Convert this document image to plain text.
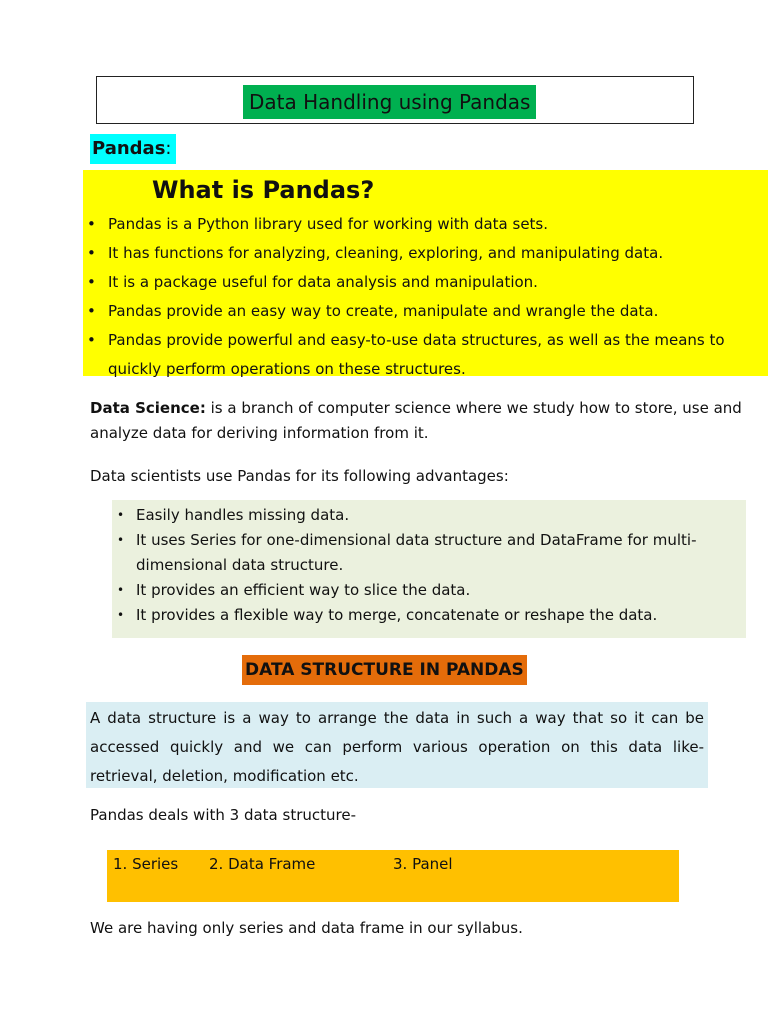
Data Handling using Pandas
Pandas:
What is Pandas?
• Pandas is a Python library used for working with data sets.
• It has functions for analyzing, cleaning, exploring, and manipulating data.
• It is a package useful for data analysis and manipulation.
• Pandas provide an easy way to create, manipulate and wrangle the data.
• Pandas provide powerful and easy-to-use data structures, as well as the means to quickly perform operations on these structures.

Data Science: is a branch of computer science where we study how to store, use and analyze data for deriving information from it.

Data scientists use Pandas for its following advantages:

• Easily handles missing data.
• It uses Series for one-dimensional data structure and DataFrame for multi-dimensional data structure.
• It provides an efficient way to slice the data.
• It provides a flexible way to merge, concatenate or reshape the data.
DATA STRUCTURE IN PANDAS

A data structure is a way to arrange the data in such a way that so it can be accessed quickly and we can perform various operation on this data like- retrieval, deletion, modification etc.

Pandas deals with 3 data structure-

1. Series 2. Data Frame	3. Panel

We are having only series and data frame in our syllabus.
